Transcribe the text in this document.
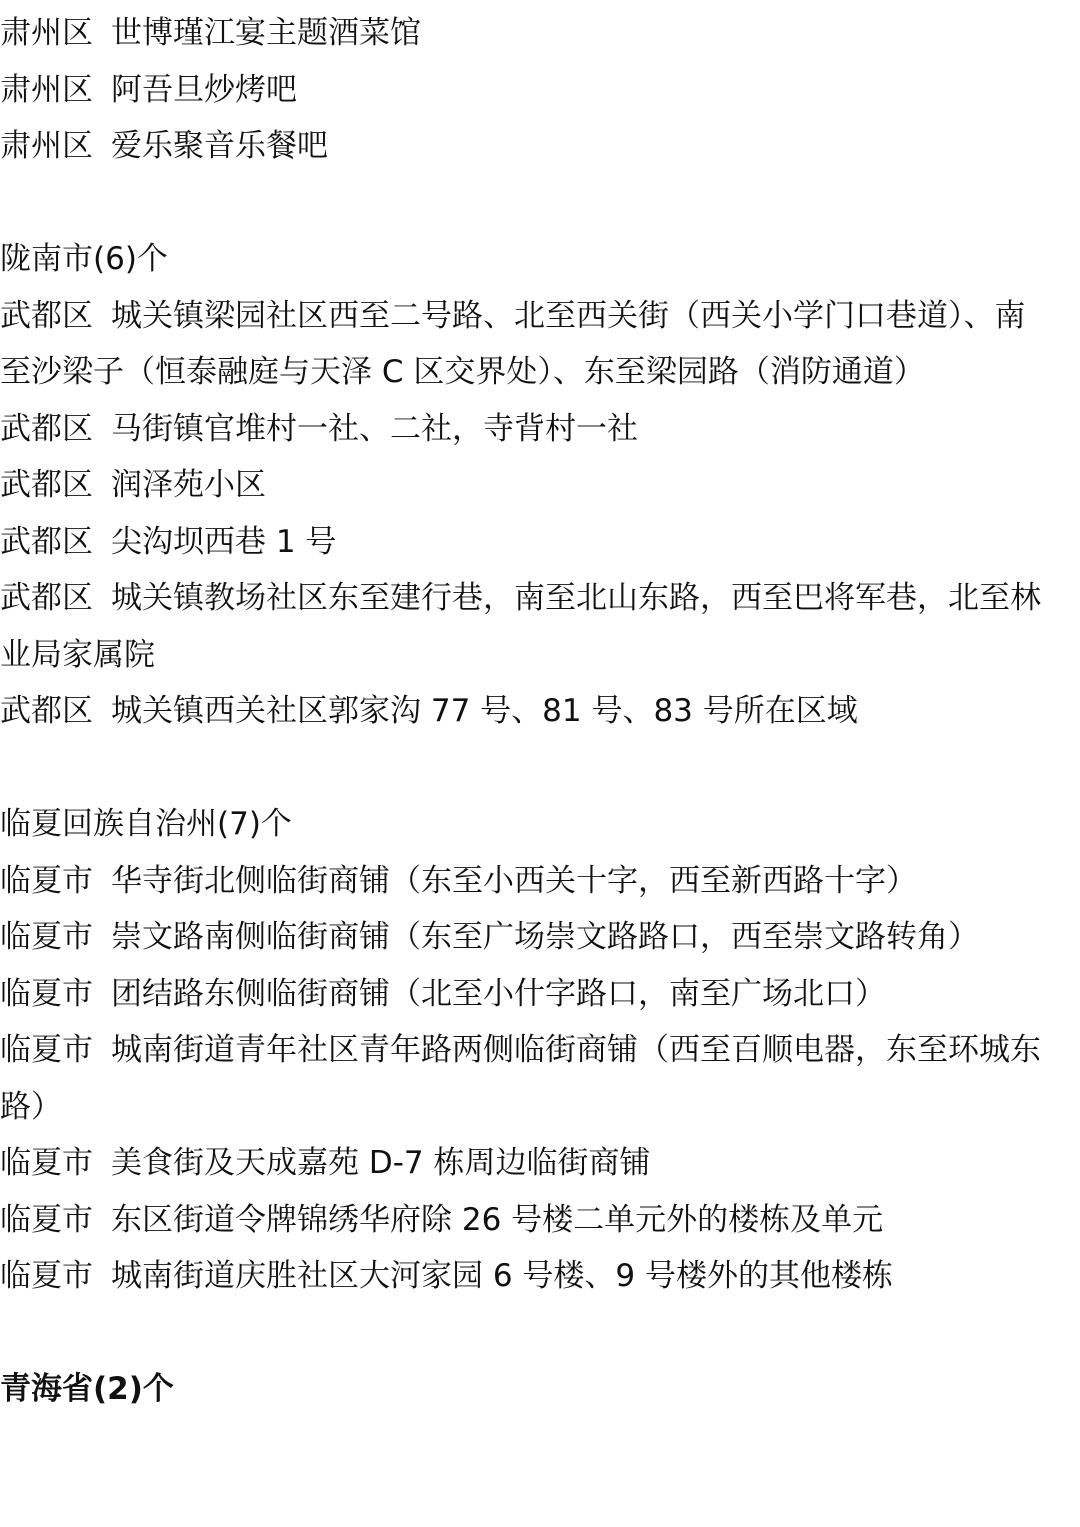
肃州区 世博瑾江宴主题酒菜馆
肃州区 阿吾旦炒烤吧
肃州区 爱乐聚音乐餐吧
陇南市(6)个
武都区 城关镇梁园社区西至二号路、北至西关街（西关小学门口巷道）、南
至沙梁子（恒泰融庭与天泽 C 区交界处）、东至梁园路（消防通道）
武都区 马街镇官堆村一社、二社，寺背村一社
武都区 润泽苑小区
武都区 尖沟坝西巷 1 号
武都区 城关镇教场社区东至建行巷，南至北山东路，西至巴将军巷，北至林
业局家属院
武都区 城关镇西关社区郭家沟 77 号、81 号、83 号所在区域
临夏回族自治州(7)个
临夏市 华寺街北侧临街商铺（东至小西关十字，西至新西路十字）
临夏市 崇文路南侧临街商铺（东至广场崇文路路口，西至崇文路转角）
临夏市 团结路东侧临街商铺（北至小什字路口，南至广场北口）
临夏市 城南街道青年社区青年路两侧临街商铺（西至百顺电器，东至环城东
路）
临夏市 美食街及天成嘉苑 D-7 栋周边临街商铺
临夏市 东区街道令牌锦绣华府除 26 号楼二单元外的楼栋及单元
临夏市 城南街道庆胜社区大河家园 6 号楼、9 号楼外的其他楼栋
青海省(2)个
